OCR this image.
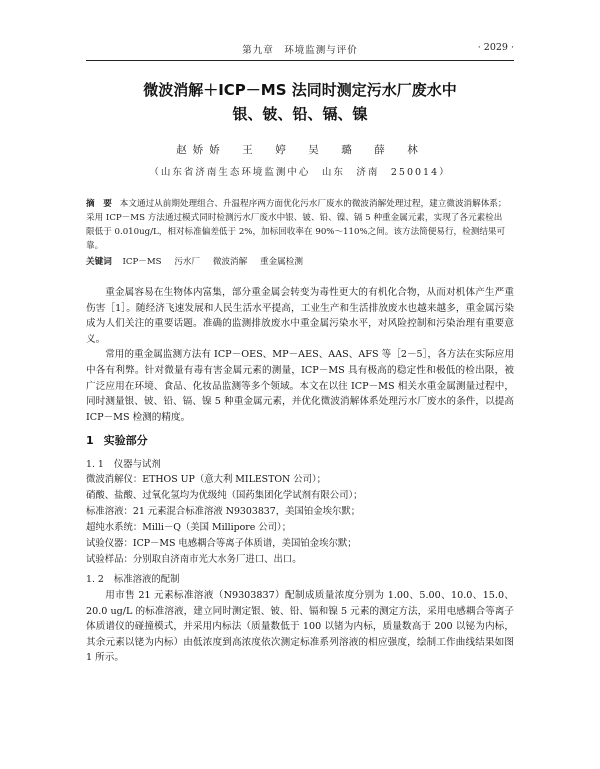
第九章　环境监测与评价	· 2029 ·
微波消解＋ICP－MS 法同时测定污水厂废水中
银、铍、铅、镉、镍
赵娇娇　王　婷　吴　璐　薛　林
（山东省济南生态环境监测中心　山东　济南　250014）
摘　要 本文通过从前期处理组合、升温程序两方面优化污水厂废水的微波消解处理过程，建立微波消解体系；采用 ICP－MS 方法通过模式同时检测污水厂废水中银、铍、铅、镍、镉 5 种重金属元素，实现了各元素检出限低于 0.010ug/L，相对标准偏差低于 2%，加标回收率在 90%～110%之间。该方法简便易行，检测结果可靠。
关键词 ICP－MS 污水厂 微波消解 重金属检测

重金属容易在生物体内富集，部分重金属会转变为毒性更大的有机化合物，从而对机体产生严重伤害［1］。随经济飞速发展和人民生活水平提高，工业生产和生活排放废水也越来越多，重金属污染成为人们关注的重要话题。准确的监测排放废水中重金属污染水平，对风险控制和污染治理有重要意义。

常用的重金属监测方法有 ICP－OES、MP－AES、AAS、AFS 等［2－5］，各方法在实际应用中各有利弊。针对微量有毒有害金属元素的测量，ICP－MS 具有极高的稳定性和极低的检出限，被广泛应用在环境、食品、化妆品监测等多个领域。本文在以往 ICP－MS 相关水重金属测量过程中，同时测量银、铍、铅、镉、镍 5 种重金属元素，并优化微波消解体系处理污水厂废水的条件，以提高 ICP－MS 检测的精度。

1 实验部分
1. 1 仪器与试剂
微波消解仪：ETHOS UP（意大利 MILESTON 公司）；
硝酸、盐酸、过氧化氢均为优级纯（国药集团化学试剂有限公司）；
标准溶液：21 元素混合标准溶液 N9303837，美国铂金埃尔默；
超纯水系统：Milli－Q（美国 Millipore 公司）；
试验仪器：ICP－MS 电感耦合等离子体质谱，美国铂金埃尔默；
试验样品：分别取自济南市光大水务厂进口、出口。
1. 2 标准溶液的配制

用市售 21 元素标准溶液（N9303837）配制成质量浓度分别为 1.00、5.00、10.0、15.0、20.0 ug/L 的标准溶液，建立同时测定银、铍、铅、镉和镍 5 元素的测定方法，采用电感耦合等离子体质谱仪的碰撞模式，并采用内标法（质量数低于 100 以锗为内标，质量数高于 200 以铋为内标，其余元素以铑为内标）由低浓度到高浓度依次测定标准系列溶液的相应强度，绘制工作曲线结果如图 1 所示。
